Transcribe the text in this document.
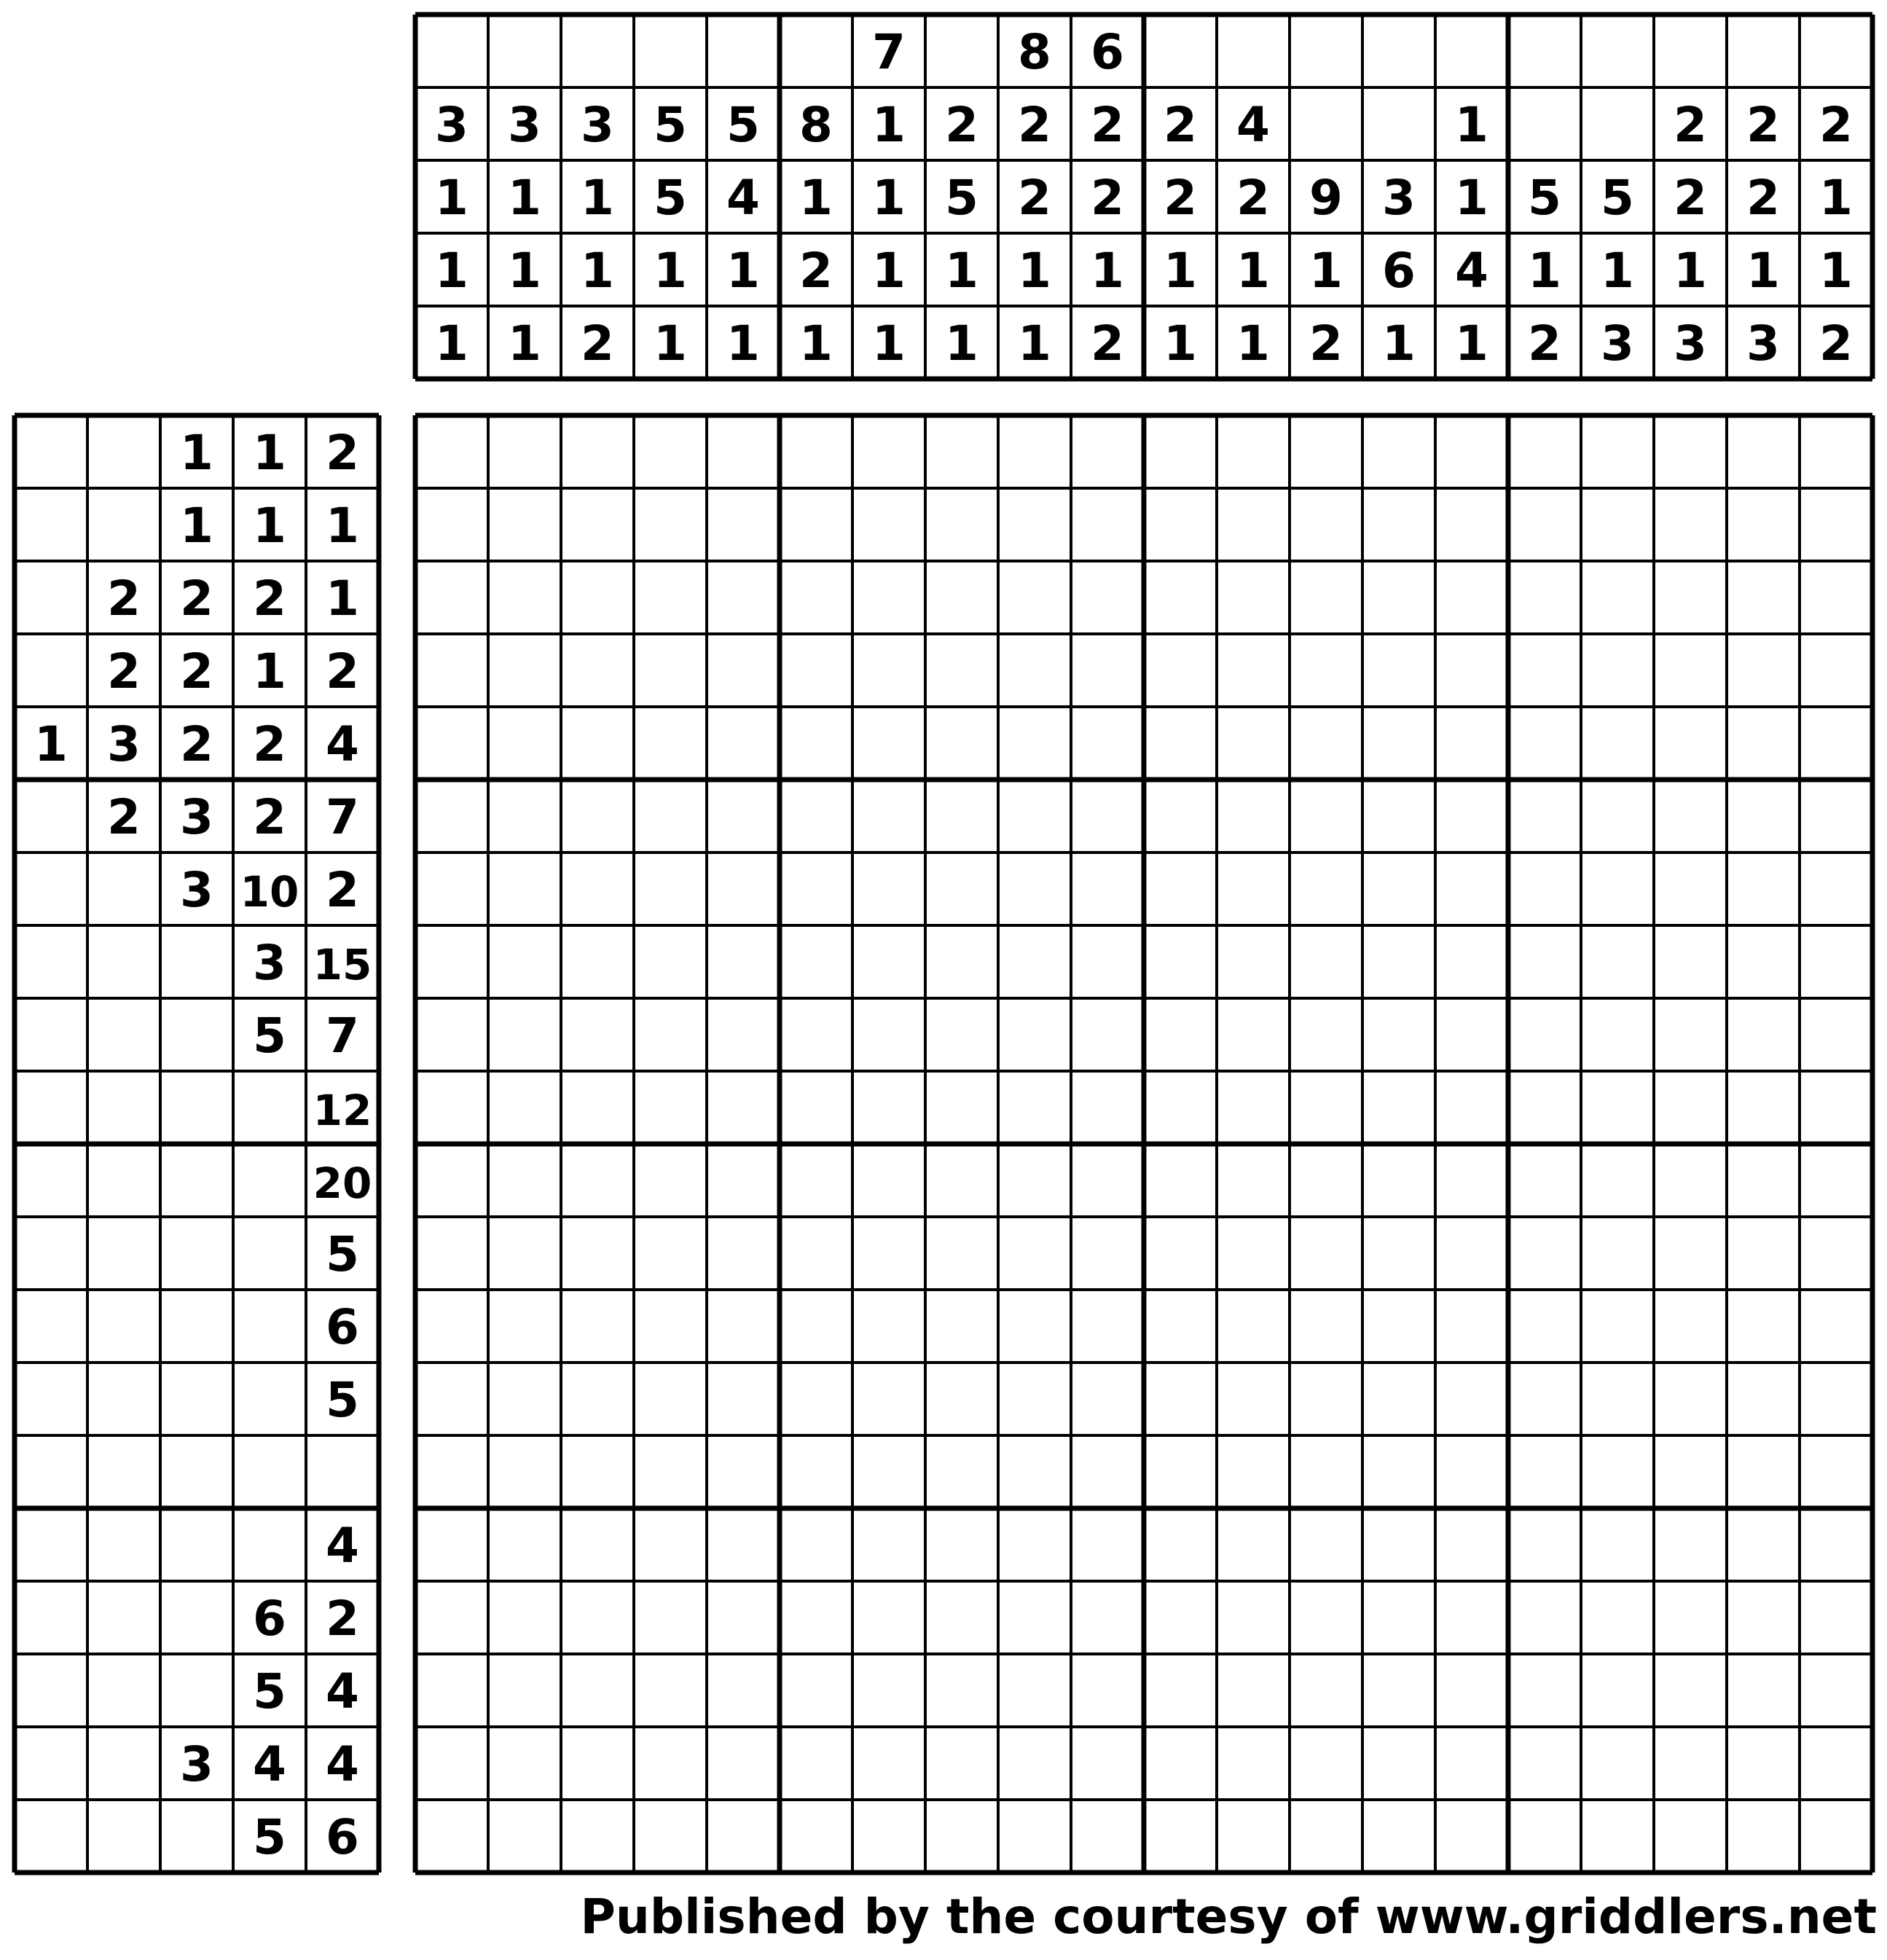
3
1
1
1
3
1
1
1
3
1
1
2
5
5
1
1
5
4
1
1
8
1
2
1
7
1
1
1
1
2
5
1
1
8
2
2
1
1
6
2
2
1
2
2
2
1
1
4
2
1
1
9
1
2
3
6
1
1
1
4
1
5
1
2
5
1
3
2
2
1
3
2
2
1
3
2
1
1
2
1 1 2
1 1 1
2 2 2 1
2 2 1 2
1 3 2 2 4
2 3 2 7
3 10 2
3 15
5 7
12
20
5
6
5
4
6 2
5 4
3 4 4
5 6
Published by the courtesy of www.griddlers.net
